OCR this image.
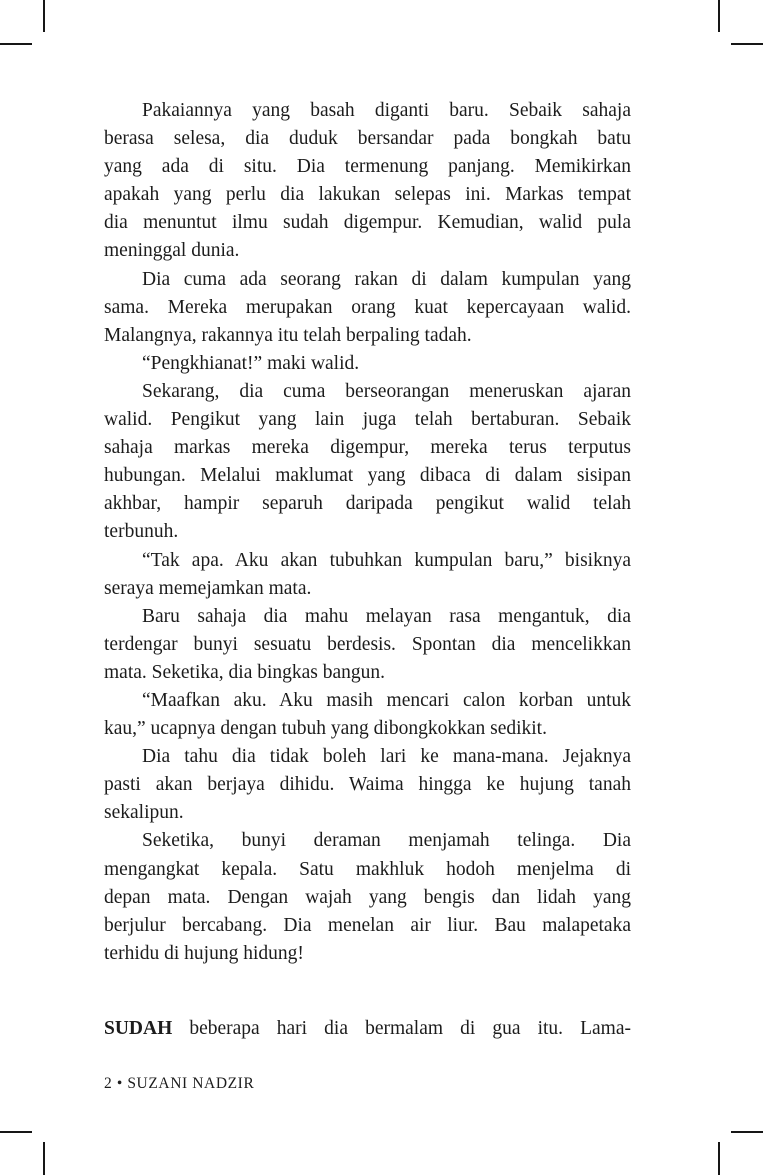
Pakaiannya yang basah diganti baru. Sebaik sahaja
berasa selesa, dia duduk bersandar pada bongkah batu
yang ada di situ. Dia termenung panjang. Memikirkan
apakah yang perlu dia lakukan selepas ini. Markas tempat
dia menuntut ilmu sudah digempur. Kemudian, walid pula
meninggal dunia.
Dia cuma ada seorang rakan di dalam kumpulan yang
sama. Mereka merupakan orang kuat kepercayaan walid.
Malangnya, rakannya itu telah berpaling tadah.
“Pengkhianat!” maki walid.
Sekarang, dia cuma berseorangan meneruskan ajaran
walid. Pengikut yang lain juga telah bertaburan. Sebaik
sahaja markas mereka digempur, mereka terus terputus
hubungan. Melalui maklumat yang dibaca di dalam sisipan
akhbar, hampir separuh daripada pengikut walid telah
terbunuh.
“Tak apa. Aku akan tubuhkan kumpulan baru,” bisiknya
seraya memejamkan mata.
Baru sahaja dia mahu melayan rasa mengantuk, dia
terdengar bunyi sesuatu berdesis. Spontan dia mencelikkan
mata. Seketika, dia bingkas bangun.
“Maafkan aku. Aku masih mencari calon korban untuk
kau,” ucapnya dengan tubuh yang dibongkokkan sedikit.
Dia tahu dia tidak boleh lari ke mana-mana. Jejaknya
pasti akan berjaya dihidu. Waima hingga ke hujung tanah
sekalipun.
Seketika, bunyi deraman menjamah telinga. Dia
mengangkat kepala. Satu makhluk hodoh menjelma di
depan mata. Dengan wajah yang bengis dan lidah yang
berjulur bercabang. Dia menelan air liur. Bau malapetaka
terhidu di hujung hidung!
SUDAH beberapa hari dia bermalam di gua itu. Lama-
2 • SUZANI NADZIR
